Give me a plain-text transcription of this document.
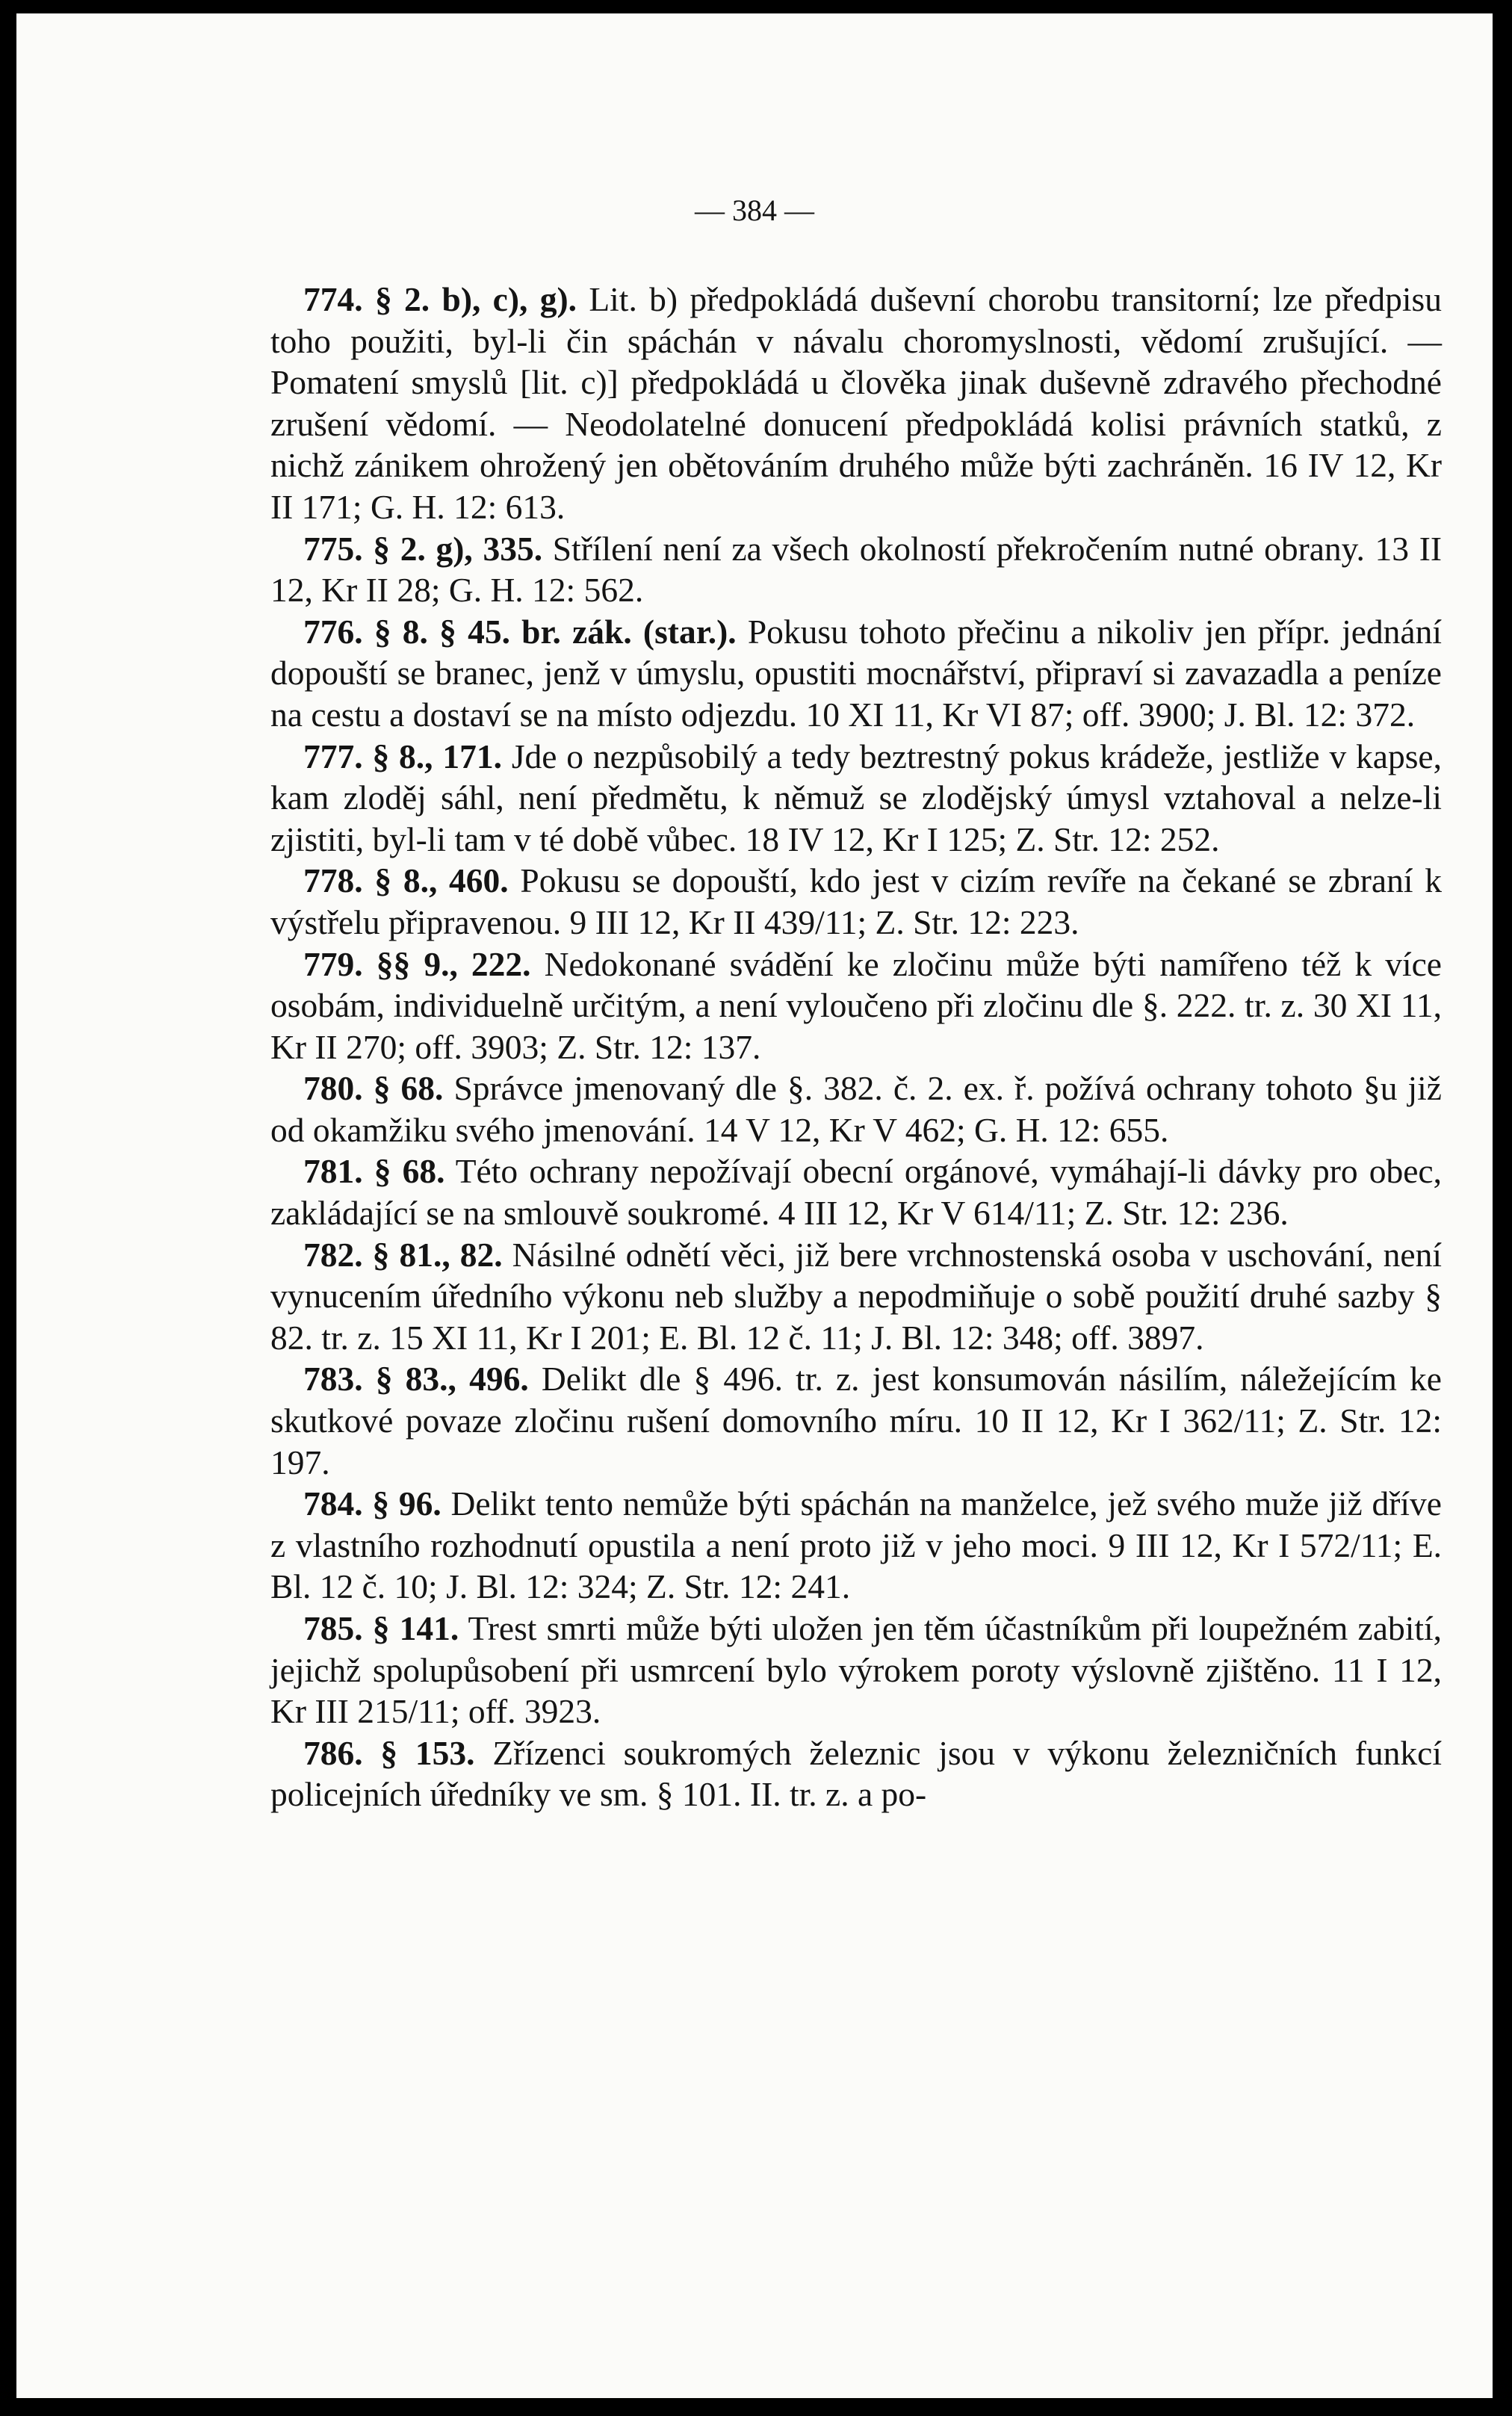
— 384 —

774. § 2. b), c), g). Lit. b) předpokládá duševní chorobu transitorní; lze předpisu toho použiti, byl-li čin spáchán v návalu choromyslnosti, vědomí zrušující. — Pomatení smyslů [lit. c)] předpokládá u člověka jinak duševně zdravého přechodné zrušení vědomí. — Neodolatelné donucení předpokládá kolisi právních statků, z nichž zánikem ohrožený jen obětováním druhého může býti zachráněn. 16 IV 12, Kr II 171; G. H. 12: 613.

775. § 2. g), 335. Střílení není za všech okolností překročením nutné obrany. 13 II 12, Kr II 28; G. H. 12: 562.

776. § 8. § 45. br. zák. (star.). Pokusu tohoto přečinu a nikoliv jen přípr. jednání dopouští se branec, jenž v úmyslu, opustiti mocnářství, připraví si zavazadla a peníze na cestu a dostaví se na místo odjezdu. 10 XI 11, Kr VI 87; off. 3900; J. Bl. 12: 372.

777. § 8., 171. Jde o nezpůsobilý a tedy beztrestný pokus krádeže, jestliže v kapse, kam zloděj sáhl, není předmětu, k němuž se zlodějský úmysl vztahoval a nelze-li zjistiti, byl-li tam v té době vůbec. 18 IV 12, Kr I 125; Z. Str. 12: 252.

778. § 8., 460. Pokusu se dopouští, kdo jest v cizím revíře na čekané se zbraní k výstřelu připravenou. 9 III 12, Kr II 439/11; Z. Str. 12: 223.

779. §§ 9., 222. Nedokonané svádění ke zločinu může býti namířeno též k více osobám, individuelně určitým, a není vyloučeno při zločinu dle §. 222. tr. z. 30 XI 11, Kr II 270; off. 3903; Z. Str. 12: 137.

780. § 68. Správce jmenovaný dle §. 382. č. 2. ex. ř. požívá ochrany tohoto §u již od okamžiku svého jmenování. 14 V 12, Kr V 462; G. H. 12: 655.

781. § 68. Této ochrany nepožívají obecní orgánové, vymáhají-li dávky pro obec, zakládající se na smlouvě soukromé. 4 III 12, Kr V 614/11; Z. Str. 12: 236.

782. § 81., 82. Násilné odnětí věci, již bere vrchnostenská osoba v uschování, není vynucením úředního výkonu neb služby a nepodmiňuje o sobě použití druhé sazby § 82. tr. z. 15 XI 11, Kr I 201; E. Bl. 12 č. 11; J. Bl. 12: 348; off. 3897.

783. § 83., 496. Delikt dle § 496. tr. z. jest konsumován násilím, náležejícím ke skutkové povaze zločinu rušení domovního míru. 10 II 12, Kr I 362/11; Z. Str. 12: 197.

784. § 96. Delikt tento nemůže býti spáchán na manželce, jež svého muže již dříve z vlastního rozhodnutí opustila a není proto již v jeho moci. 9 III 12, Kr I 572/11; E. Bl. 12 č. 10; J. Bl. 12: 324; Z. Str. 12: 241.

785. § 141. Trest smrti může býti uložen jen těm účastníkům při loupežném zabití, jejichž spolupůsobení při usmrcení bylo výrokem poroty výslovně zjištěno. 11 I 12, Kr III 215/11; off. 3923.

786. § 153. Zřízenci soukromých železnic jsou v výkonu železničních funkcí policejních úředníky ve sm. § 101. II. tr. z. a po-
